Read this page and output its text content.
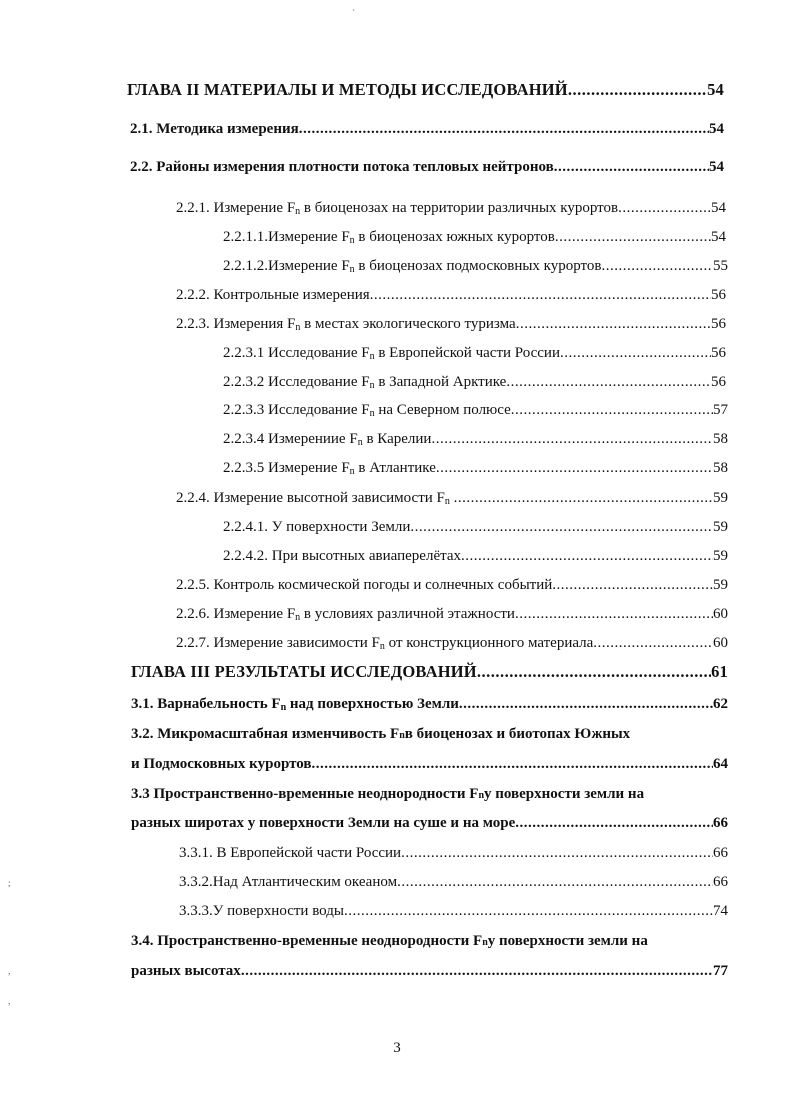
ГЛАВА II МАТЕРИАЛЫ И МЕТОДЫ ИССЛЕДОВАНИЙ .....	54
2.1. Методика измерения .....	54
2.2. Районы измерения плотности потока тепловых нейтронов .....	54
2.2.1. Измерение $F_n$ в биоценозах на территории различных курортов .....	54
2.2.1.1.Измерение $F_n$ в биоценозах южных курортов .....	54
2.2.1.2.Измерение $F_n$ в биоценозах подмосковных курортов .....	55
2.2.2. Контрольные измерения .....	56
2.2.3. Измерения $F_n$ в местах экологического туризма .....	56
2.2.3.1 Исследование $F_n$ в Европейской части России .....	56
2.2.3.2 Исследование $F_n$ в Западной Арктике .....	56
2.2.3.3 Исследование $F_n$ на Северном полюсе .....	57
2.2.3.4 Измерениие $F_n$ в Карелии .....	58
2.2.3.5 Измерение $F_n$ в Атлантике .....	58
2.2.4. Измерение высотной зависимости $F_n$ .....	59
2.2.4.1. У поверхности Земли .....	59
2.2.4.2. При высотных авиаперелётах .....	59
2.2.5. Контроль космической погоды и солнечных событий .....	59
2.2.6. Измерение $F_n$ в условиях различной этажности .....	60
2.2.7. Измерение зависимости $F_n$ от конструкционного материала .....	60
ГЛАВА III РЕЗУЛЬТАТЫ ИССЛЕДОВАНИЙ .....	61
3.1. Варнабельность $F_n$ над поверхностью Земли .....	62
3.2. Микромасштабная изменчивость F n в биоценозах и биотопах Южных
и Подмосковных курортов .....	64
3.3 Пространственно-временные неоднородности F n у поверхности земли на
разных широтах у поверхности Земли на суше и на море .....	66
3.3.1. В Европейской части России .....	66
3.3.2.Над Атлантическим океаном .....	66
3.3.3.У поверхности воды .....	74
3.4. Пространственно-временные неоднородности F n у поверхности земли на
разных высотах .....	77
3
`
;
,
,
